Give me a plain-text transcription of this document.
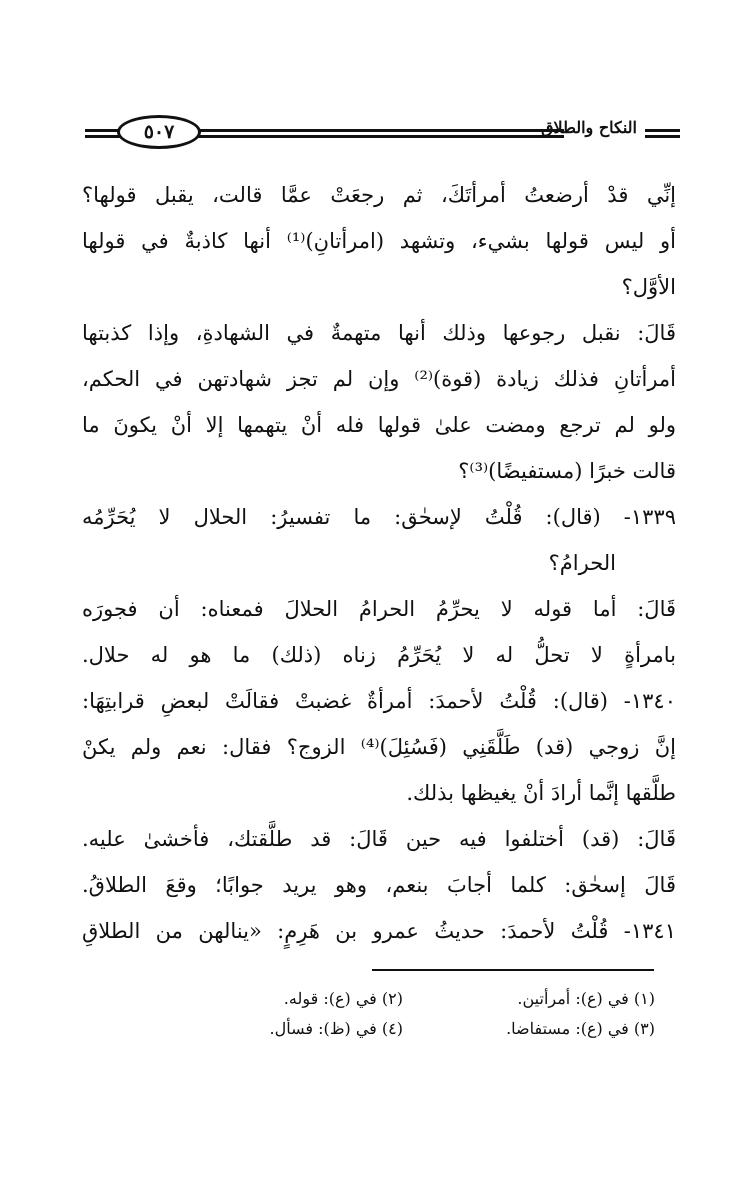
٥٠٧	النكاح والطلاق
إنِّي قدْ أرضعتُ أمرأتَكَ، ثم رجعَتْ عمَّا قالت، يقبل قولها؟
أو ليس قولها بشيء، وتشهد (امرأتانِ)⁽¹⁾ أنها كاذبةٌ في قولها
الأوَّل؟
قَالَ: نقبل رجوعها وذلك أنها متهمةٌ في الشهادةِ، وإذا كذبتها
أمرأتانِ فذلك زيادة (قوة)⁽²⁾ وإن لم تجز شهادتهن في الحكم،
ولو لم ترجع ومضت علىٰ قولها فله أنْ يتهمها إلا أنْ يكونَ ما
قالت خبرًا (مستفيضًا)⁽³⁾؟
١٣٣٩- (قال): قُلْتُ لإسحٰق: ما تفسيرُ: الحلال لا يُحَرِّمُه
الحرامُ؟
قَالَ: أما قوله لا يحرِّمُ الحرامُ الحلالَ فمعناه: أن فجورَه
بامرأةٍ لا تحلُّ له لا يُحَرِّمُ زناه (ذلك) ما هو له حلال.
١٣٤٠- (قال): قُلْتُ لأحمدَ: أمرأةٌ غضبتْ فقالَتْ لبعضِ قرابتِهَا:
إنَّ زوجي (قد) طَلَّقَنِي (فَسُئِلَ)⁽⁴⁾ الزوج؟ فقال: نعم ولم يكنْ
طلَّقها إنَّما أرادَ أنْ يغيظها بذلك.
قَالَ: (قد) أختلفوا فيه حين قَالَ: قد طلَّقتك، فأخشىٰ عليه.
قَالَ إسحٰق: كلما أجابَ بنعم، وهو يريد جوابًا؛ وقعَ الطلاقُ.
١٣٤١- قُلْتُ لأحمدَ: حديثُ عمرو بن هَرِمٍ: «ينالهن من الطلاقِ
(١) في (ع): أمرأتين.
(٢) في (ع): قوله.
(٣) في (ع): مستفاضا.
(٤) في (ظ): فسأل.
